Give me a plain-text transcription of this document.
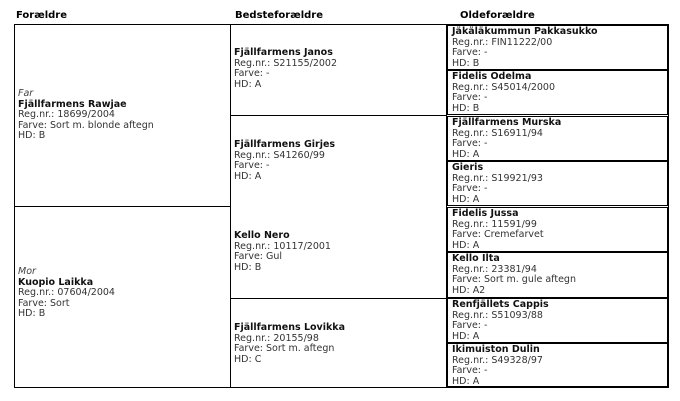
Forældre	Bedsteforældre	Oldeforældre
Far
Fjällfarmens Rawjae
Reg.nr.: 18699/2004
Farve: Sort m. blonde aftegn
HD: B
Mor
Kuopio Laikka
Reg.nr.: 07604/2004
Farve: Sort
HD: B
Fjällfarmens Janos
Reg.nr.: S21155/2002
Farve: -
HD: A
Fjällfarmens Girjes
Reg.nr.: S41260/99
Farve: -
HD: A
Kello Nero
Reg.nr.: 10117/2001
Farve: Gul
HD: B
Fjällfarmens Lovikka
Reg.nr.: 20155/98
Farve: Sort m. aftegn
HD: C
Jäkäläkummun Pakkasukko
Reg.nr.: FIN11222/00
Farve: -
HD: B
Fidelis Odelma
Reg.nr.: S45014/2000
Farve: -
HD: B
Fjällfarmens Murska
Reg.nr.: S16911/94
Farve: -
HD: A
Gieris
Reg.nr.: S19921/93
Farve: -
HD: A
Fidelis Jussa
Reg.nr.: 11591/99
Farve: Cremefarvet
HD: A
Kello Ilta
Reg.nr.: 23381/94
Farve: Sort m. gule aftegn
HD: A2
Renfjällets Cappis
Reg.nr.: S51093/88
Farve: -
HD: A
Ikimuiston Dulin
Reg.nr.: S49328/97
Farve: -
HD: A
